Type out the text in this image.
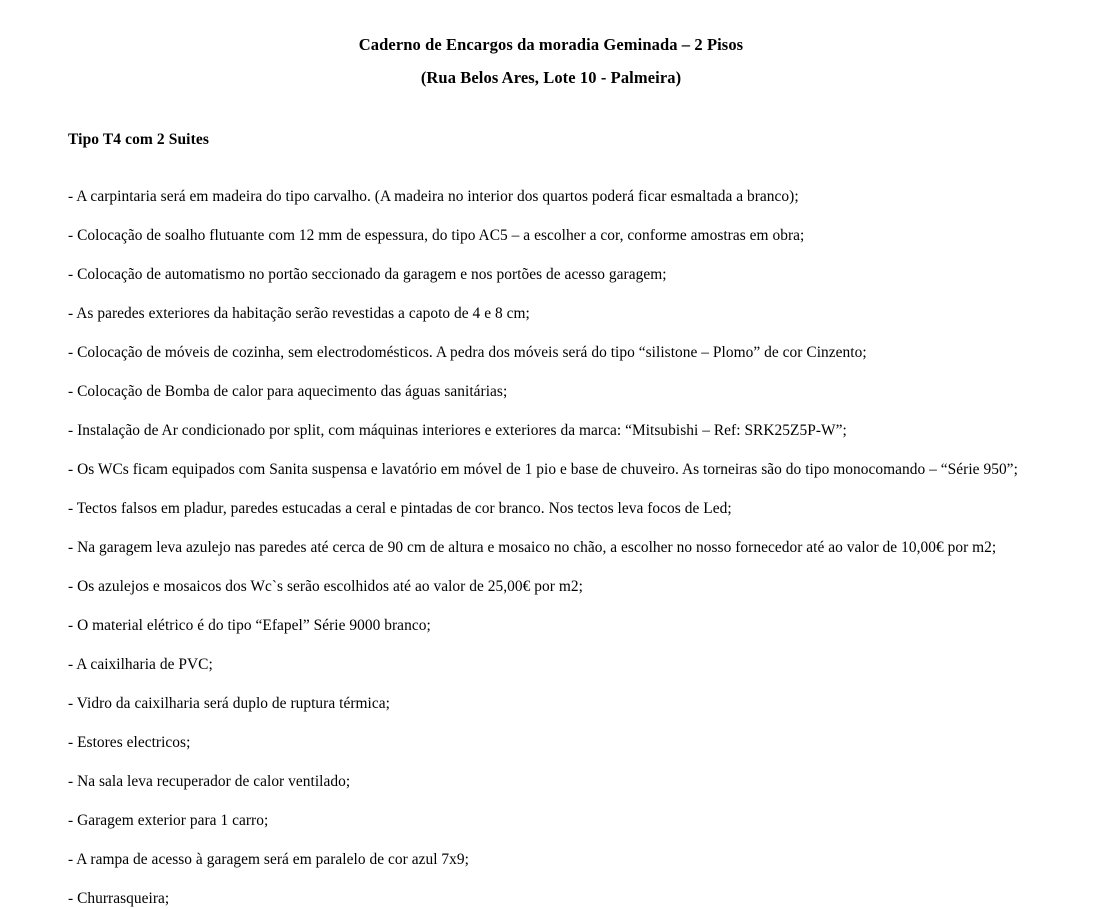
Caderno de Encargos da moradia Geminada – 2 Pisos
(Rua Belos Ares, Lote 10 - Palmeira)
Tipo T4 com 2 Suites
- A carpintaria será em madeira do tipo carvalho. (A madeira no interior dos quartos poderá ficar esmaltada a branco);
- Colocação de soalho flutuante com 12 mm de espessura, do tipo AC5 – a escolher a cor, conforme amostras em obra;
- Colocação de automatismo no portão seccionado da garagem e nos portões de acesso garagem;
- As paredes exteriores da habitação serão revestidas a capoto de 4 e 8 cm;
- Colocação de móveis de cozinha, sem electrodomésticos. A pedra dos móveis será do tipo “silistone – Plomo” de cor Cinzento;
- Colocação de Bomba de calor para aquecimento das águas sanitárias;
- Instalação de Ar condicionado por split, com máquinas interiores e exteriores da marca: “Mitsubishi – Ref: SRK25Z5P-W”;
- Os WCs ficam equipados com Sanita suspensa e lavatório em móvel de 1 pio e base de chuveiro. As torneiras são do tipo monocomando – “Série 950”;
- Tectos falsos em pladur, paredes estucadas a ceral e pintadas de cor branco. Nos tectos leva focos de Led;
- Na garagem leva azulejo nas paredes até cerca de 90 cm de altura e mosaico no chão, a escolher no nosso fornecedor até ao valor de 10,00€ por m2;
- Os azulejos e mosaicos dos Wc`s serão escolhidos até ao valor de 25,00€ por m2;
- O material elétrico é do tipo “Efapel” Série 9000 branco;
- A caixilharia de PVC;
- Vidro da caixilharia será duplo de ruptura térmica;
- Estores electricos;
- Na sala leva recuperador de calor ventilado;
- Garagem exterior para 1 carro;
- A rampa de acesso à garagem será em paralelo de cor azul 7x9;
- Churrasqueira;
